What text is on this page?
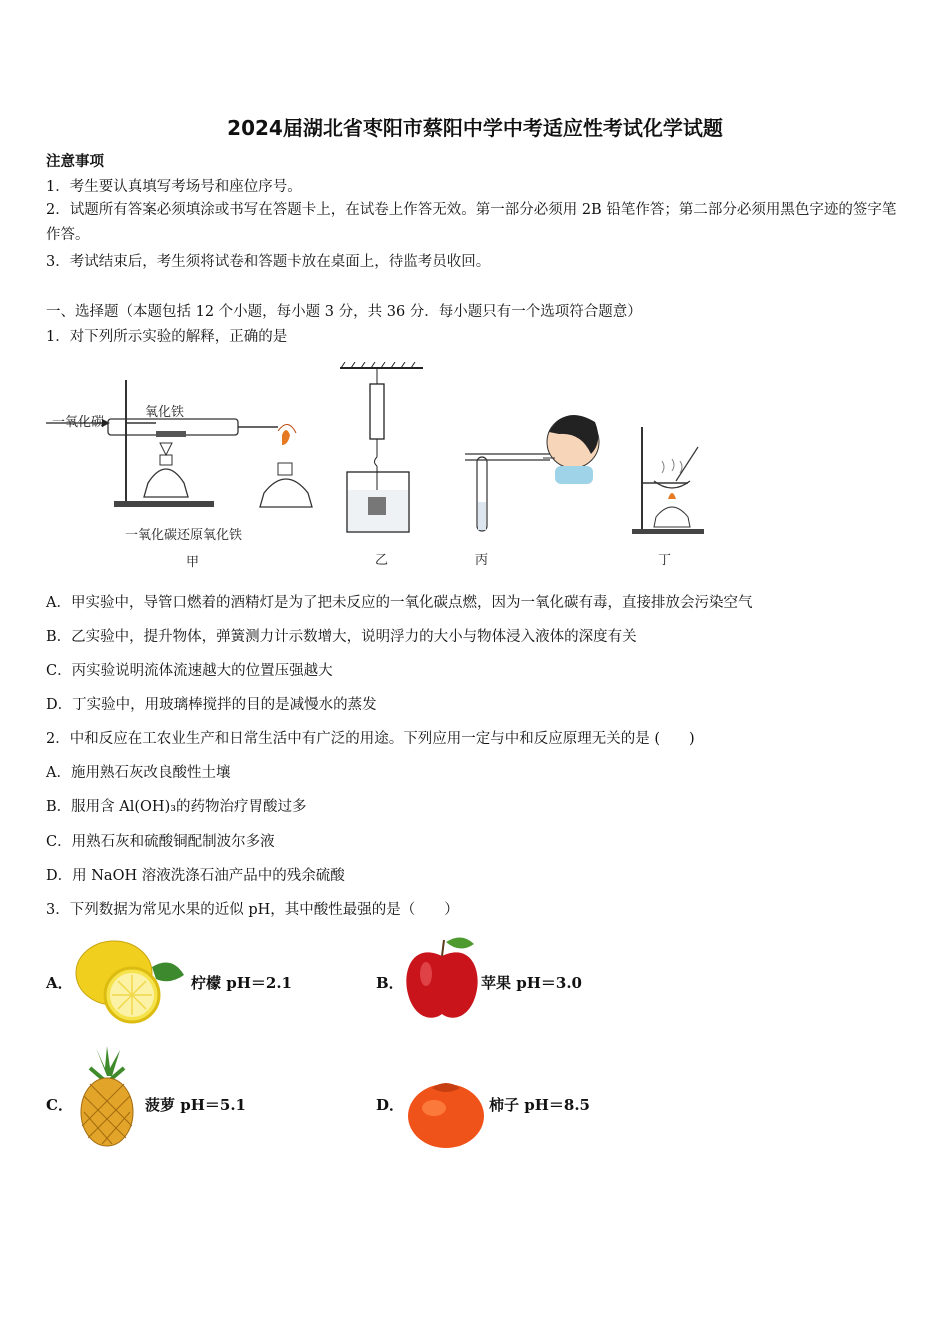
2024届湖北省枣阳市蔡阳中学中考适应性考试化学试题
注意事项
1．考生要认真填写考场号和座位序号。
2．试题所有答案必须填涂或书写在答题卡上，在试卷上作答无效。第一部分必须用 2B 铅笔作答；第二部分必须用黑色字迹的签字笔作答。
3．考试结束后，考生须将试卷和答题卡放在桌面上，待监考员收回。
一、选择题（本题包括 12 个小题，每小题 3 分，共 36 分．每小题只有一个选项符合题意）
1．对下列所示实验的解释，正确的是
一氧化碳
氧化铁
一氧化碳还原氧化铁
甲	乙	丙	丁
A．甲实验中，导管口燃着的酒精灯是为了把未反应的一氧化碳点燃，因为一氧化碳有毒，直接排放会污染空气
B．乙实验中，提升物体，弹簧测力计示数增大，说明浮力的大小与物体浸入液体的深度有关
C．丙实验说明流体流速越大的位置压强越大
D．丁实验中，用玻璃棒搅拌的目的是减慢水的蒸发
2．中和反应在工农业生产和日常生活中有广泛的用途。下列应用一定与中和反应原理无关的是 (　　)
A．施用熟石灰改良酸性土壤
B．服用含 Al(OH)₃的药物治疗胃酸过多
C．用熟石灰和硫酸铜配制波尔多液
D．用 NaOH 溶液洗涤石油产品中的残余硫酸
3．下列数据为常见水果的近似 pH，其中酸性最强的是（　　）
A．	柠檬 pH＝2.1	B．	苹果 pH＝3.0
C．	菠萝 pH＝5.1	D．	柿子 pH＝8.5
